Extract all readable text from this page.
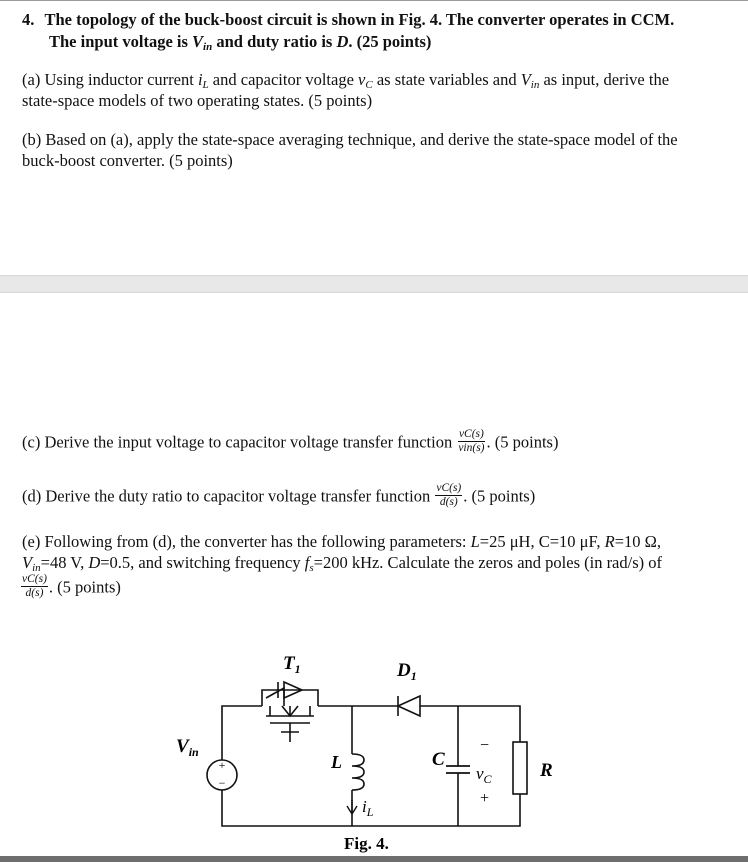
4. The topology of the buck-boost circuit is shown in Fig. 4. The converter operates in CCM.
The input voltage is $V_{in}$ and duty ratio is D. (25 points)
(a) Using inductor current $i_L$ and capacitor voltage $v_C$ as state variables and $V_{in}$ as input, derive the
state-space models of two operating states. (5 points)
(b) Based on (a), apply the state-space averaging technique, and derive the state-space model of the
buck-boost converter. (5 points)
(c) Derive the input voltage to capacitor voltage transfer function $\frac{vC(s)}{\text{vin(s)}}$ . (5 points)
(d) Derive the duty ratio to capacitor voltage transfer function $\frac{vC(s)}{d(s)}$ . (5 points)
(e) Following from (d), the converter has the following parameters: L=25 μH, C=10 μF, R=10 Ω,
$V_{in}=48$ V, D=0.5, and switching frequency $f_s=200$ kHz. Calculate the zeros and poles (in rad/s) of
$\frac{vC(s)}{d(s)}$ . (5 points)
+
−
$T_1$	$D_1$
$V_{in}$	L
$i_L$
C
−
$v_C$
+
R
Fig. 4.
